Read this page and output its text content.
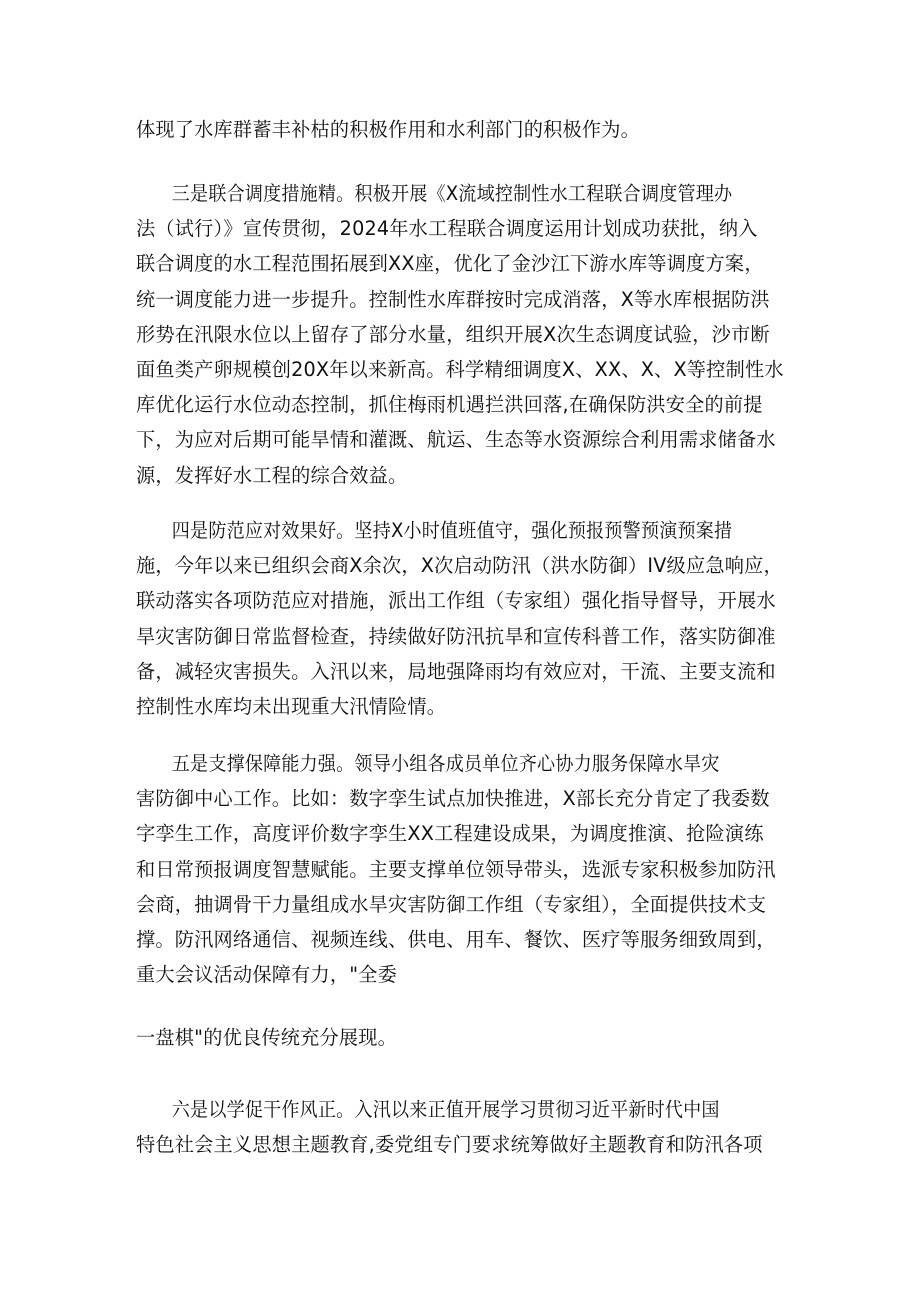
体现了水库群蓄丰补枯的积极作用和水利部门的积极作为。

三是联合调度措施精。积极开展《X流域控制性水工程联合调度管理办
法（试行）》宣传贯彻，2024年水工程联合调度运用计划成功获批，纳入
联合调度的水工程范围拓展到XX座，优化了金沙江下游水库等调度方案，
统一调度能力进一步提升。控制性水库群按时完成消落，X等水库根据防洪
形势在汛限水位以上留存了部分水量，组织开展X次生态调度试验，沙市断
面鱼类产卵规模创20X年以来新高。科学精细调度X、XX、X、X等控制性水
库优化运行水位动态控制，抓住梅雨机遇拦洪回落,在确保防洪安全的前提
下，为应对后期可能旱情和灌溉、航运、生态等水资源综合利用需求储备水
源，发挥好水工程的综合效益。

四是防范应对效果好。坚持X小时值班值守，强化预报预警预演预案措
施，今年以来已组织会商X余次，X次启动防汛（洪水防御）IV级应急响应，
联动落实各项防范应对措施，派出工作组（专家组）强化指导督导，开展水
旱灾害防御日常监督检查，持续做好防汛抗旱和宣传科普工作，落实防御准
备，减轻灾害损失。入汛以来，局地强降雨均有效应对，干流、主要支流和
控制性水库均未出现重大汛情险情。

五是支撑保障能力强。领导小组各成员单位齐心协力服务保障水旱灾
害防御中心工作。比如：数字孪生试点加快推进，X部长充分肯定了我委数
字孪生工作，高度评价数字孪生XX工程建设成果，为调度推演、抢险演练
和日常预报调度智慧赋能。主要支撑单位领导带头，选派专家积极参加防汛
会商，抽调骨干力量组成水旱灾害防御工作组（专家组），全面提供技术支
撑。防汛网络通信、视频连线、供电、用车、餐饮、医疗等服务细致周到，
重大会议活动保障有力，"全委

一盘棋"的优良传统充分展现。

六是以学促干作风正。入汛以来正值开展学习贯彻习近平新时代中国
特色社会主义思想主题教育,委党组专门要求统筹做好主题教育和防汛各项
